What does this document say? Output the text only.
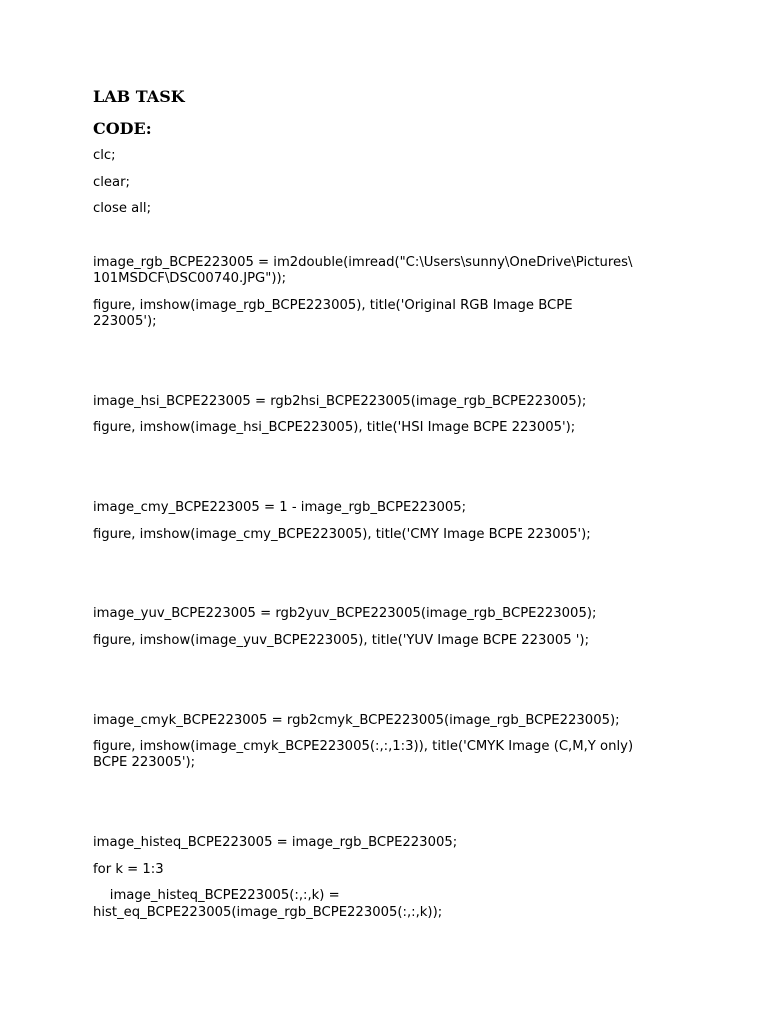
LAB TASK
CODE:
clc;
clear;
close all;
image_rgb_BCPE223005 = im2double(imread("C:\Users\sunny\OneDrive\Pictures\
101MSDCF\DSC00740.JPG"));
figure, imshow(image_rgb_BCPE223005), title('Original RGB Image BCPE
223005');
image_hsi_BCPE223005 = rgb2hsi_BCPE223005(image_rgb_BCPE223005);
figure, imshow(image_hsi_BCPE223005), title('HSI Image BCPE 223005');
image_cmy_BCPE223005 = 1 - image_rgb_BCPE223005;
figure, imshow(image_cmy_BCPE223005), title('CMY Image BCPE 223005');
image_yuv_BCPE223005 = rgb2yuv_BCPE223005(image_rgb_BCPE223005);
figure, imshow(image_yuv_BCPE223005), title('YUV Image BCPE 223005 ');
image_cmyk_BCPE223005 = rgb2cmyk_BCPE223005(image_rgb_BCPE223005);
figure, imshow(image_cmyk_BCPE223005(:,:,1:3)), title('CMYK Image (C,M,Y only)
BCPE 223005');
image_histeq_BCPE223005 = image_rgb_BCPE223005;
for k = 1:3
image_histeq_BCPE223005(:,:,k) =
hist_eq_BCPE223005(image_rgb_BCPE223005(:,:,k));
